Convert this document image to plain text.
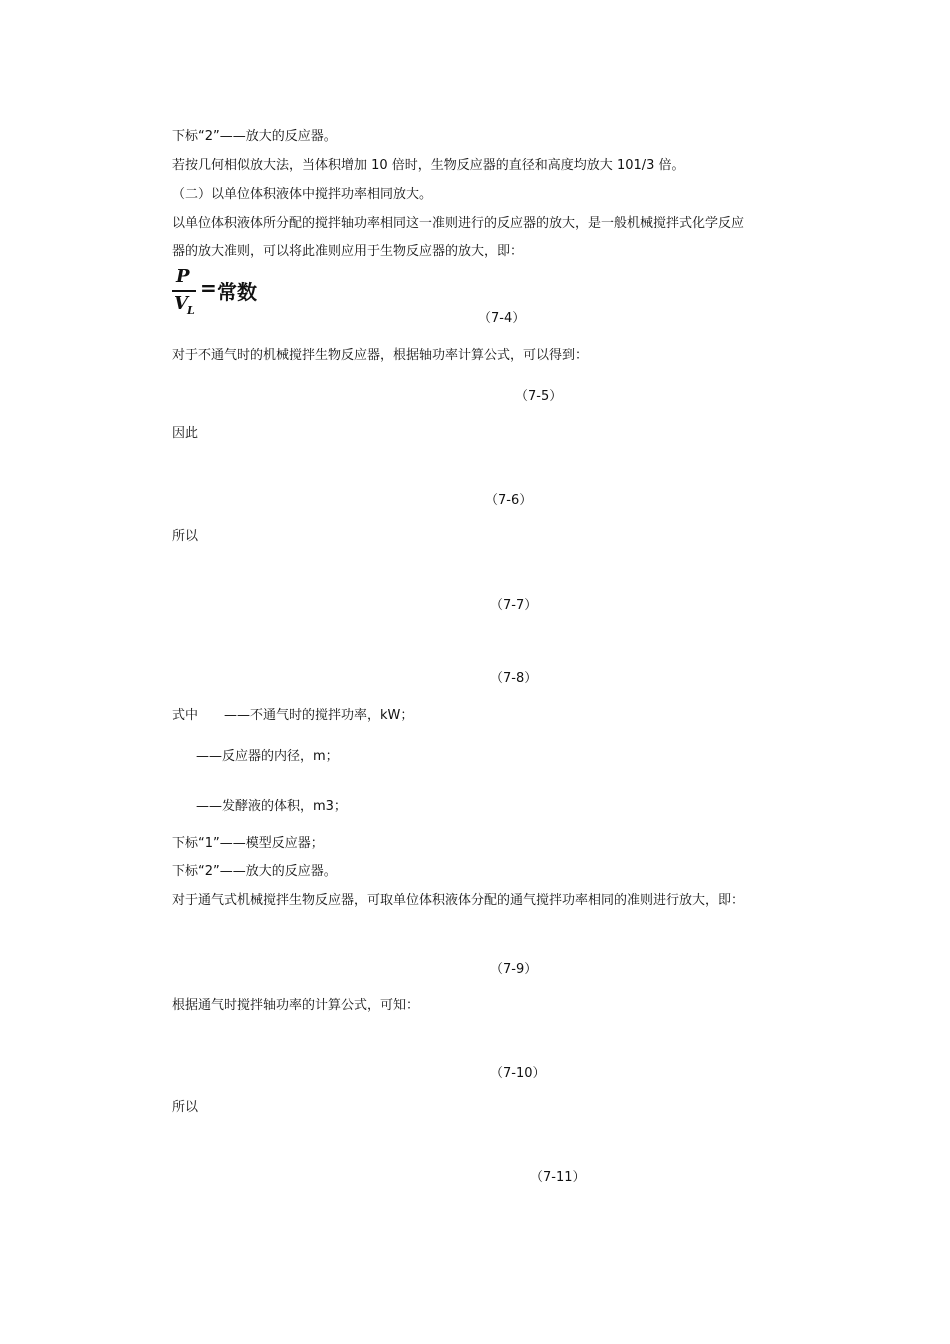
下标“2”——放大的反应器。
若按几何相似放大法，当体积增加 10 倍时，生物反应器的直径和高度均放大 101/3 倍。
（二）以单位体积液体中搅拌功率相同放大。
以单位体积液体所分配的搅拌轴功率相同这一准则进行的反应器的放大，是一般机械搅拌式化学反应
器的放大准则，可以将此准则应用于生物反应器的放大，即：
P
V L
= 常数
（7-4）
对于不通气时的机械搅拌生物反应器，根据轴功率计算公式，可以得到：
（7-5）
因此
（7-6）
所以
（7-7）
（7-8）
式中　　——不通气时的搅拌功率，kW；
——反应器的内径，m；
——发酵液的体积，m3；
下标“1”——模型反应器；
下标“2”——放大的反应器。
对于通气式机械搅拌生物反应器，可取单位体积液体分配的通气搅拌功率相同的准则进行放大，即：
（7-9）
根据通气时搅拌轴功率的计算公式，可知：
（7-10）
所以
（7-11）
